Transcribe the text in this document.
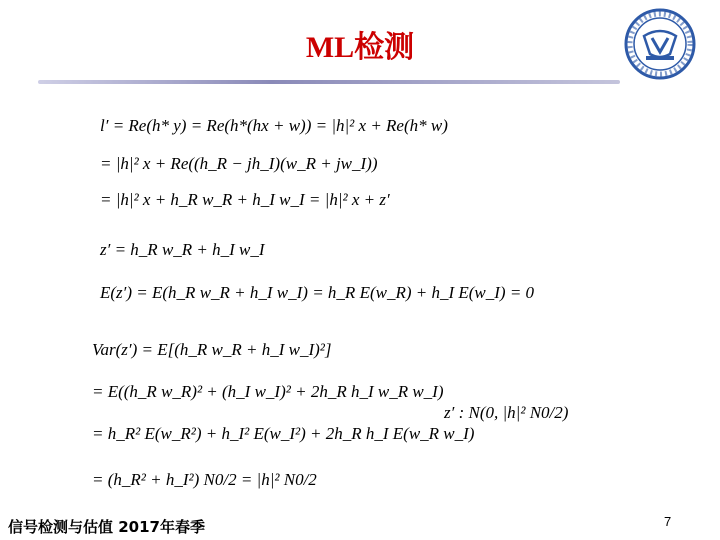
ML检测
l′ = Re(h* y) = Re(h*(hx + w)) = |h|² x + Re(h* w)
= |h|² x + Re((h_R − jh_I)(w_R + jw_I))
= |h|² x + h_R w_R + h_I w_I = |h|² x + z′
z′ = h_R w_R + h_I w_I
E(z′) = E(h_R w_R + h_I w_I) = h_R E(w_R) + h_I E(w_I) = 0
Var(z′) = E[(h_R w_R + h_I w_I)²]
= E((h_R w_R)² + (h_I w_I)² + 2h_R h_I w_R w_I)
= h_R² E(w_R²) + h_I² E(w_I²) + 2h_R h_I E(w_R w_I)
= (h_R² + h_I²) N0/2 = |h|² N0/2
z′ : N(0, |h|² N0/2)
信号检测与估值 2017年春季	7
